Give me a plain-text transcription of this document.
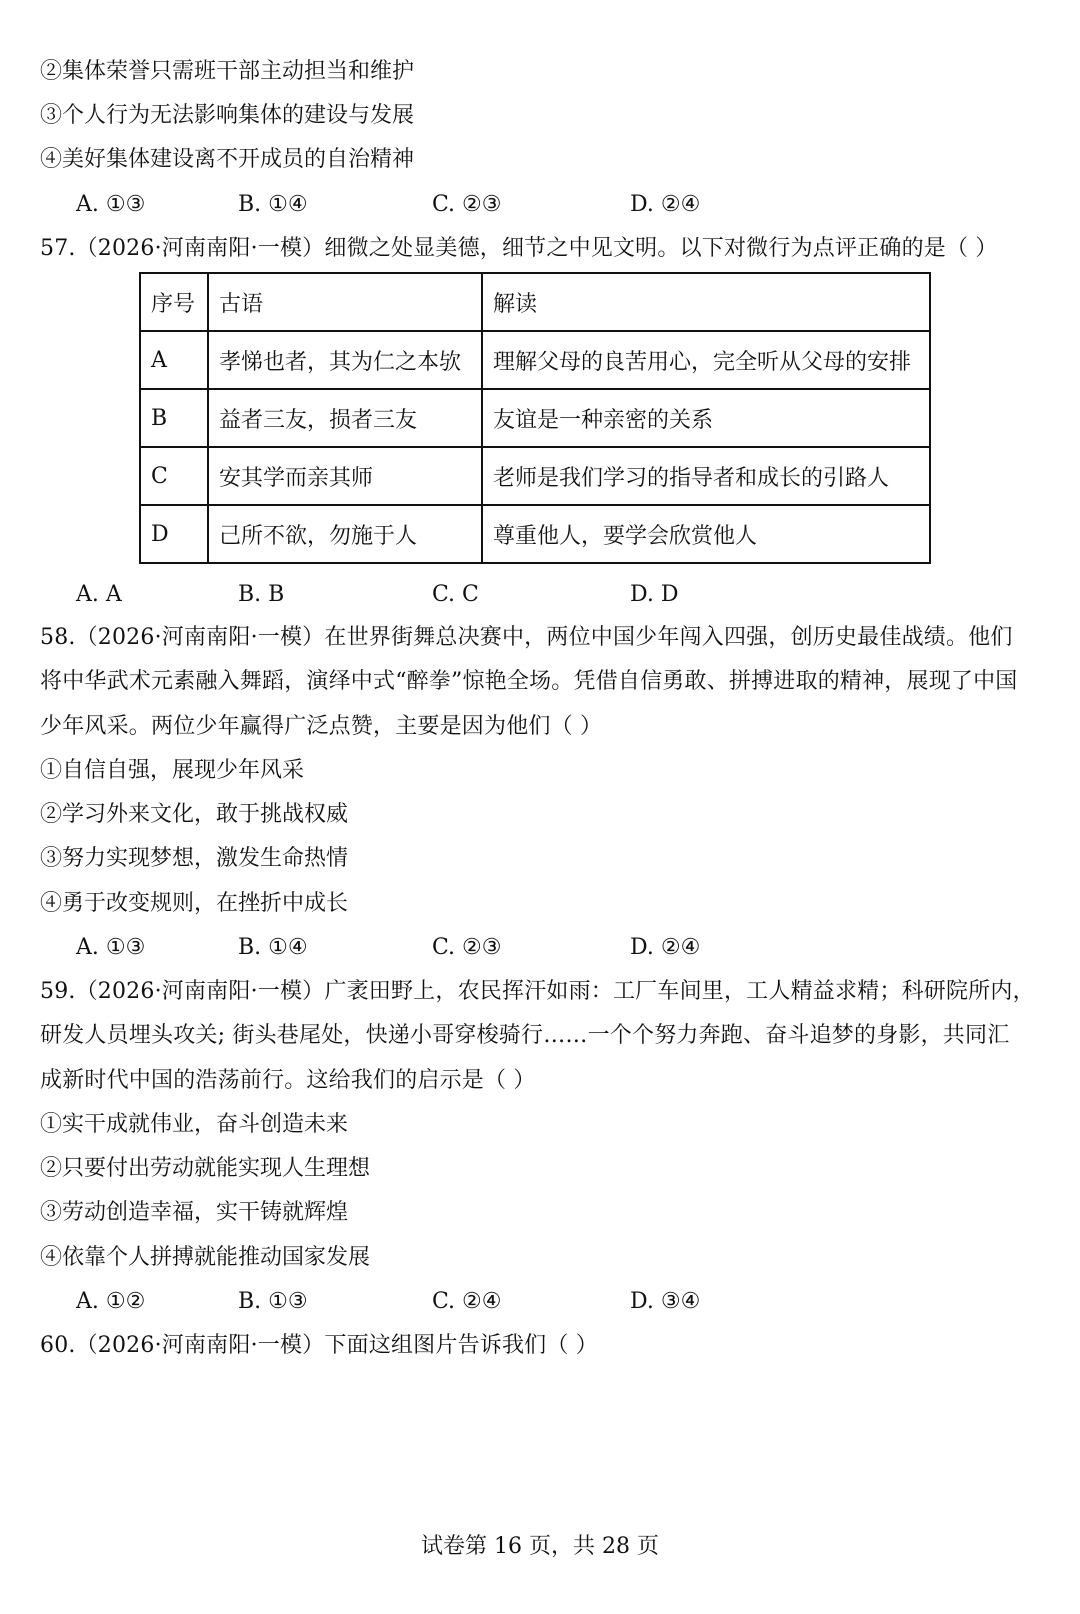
②集体荣誉只需班干部主动担当和维护
③个人行为无法影响集体的建设与发展
④美好集体建设离不开成员的自治精神
A. ①③	B. ①④	C. ②③	D. ②④
57.（2026·河南南阳·一模）细微之处显美德，细节之中见文明。以下对微行为点评正确的是（ ）
序号	古语	解读
A	孝悌也者，其为仁之本欤	理解父母的良苦用心，完全听从父母的安排
B	益者三友，损者三友	友谊是一种亲密的关系
C	安其学而亲其师	老师是我们学习的指导者和成长的引路人
D	己所不欲，勿施于人	尊重他人，要学会欣赏他人
A. A	B. B	C. C	D. D
58.（2026·河南南阳·一模）在世界街舞总决赛中，两位中国少年闯入四强，创历史最佳战绩。他们
将中华武术元素融入舞蹈，演绎中式“醉拳”惊艳全场。凭借自信勇敢、拼搏进取的精神，展现了中国
少年风采。两位少年赢得广泛点赞，主要是因为他们（ ）
①自信自强，展现少年风采
②学习外来文化，敢于挑战权威
③努力实现梦想，激发生命热情
④勇于改变规则，在挫折中成长
A. ①③	B. ①④	C. ②③	D. ②④
59.（2026·河南南阳·一模）广袤田野上，农民挥汗如雨：工厂车间里，工人精益求精；科研院所内，
研发人员埋头攻关; 街头巷尾处，快递小哥穿梭骑行……一个个努力奔跑、奋斗追梦的身影，共同汇
成新时代中国的浩荡前行。这给我们的启示是（ ）
①实干成就伟业，奋斗创造未来
②只要付出劳动就能实现人生理想
③劳动创造幸福，实干铸就辉煌
④依靠个人拼搏就能推动国家发展
A. ①②	B. ①③	C. ②④	D. ③④
60.（2026·河南南阳·一模）下面这组图片告诉我们（ ）
试卷第 16 页，共 28 页
